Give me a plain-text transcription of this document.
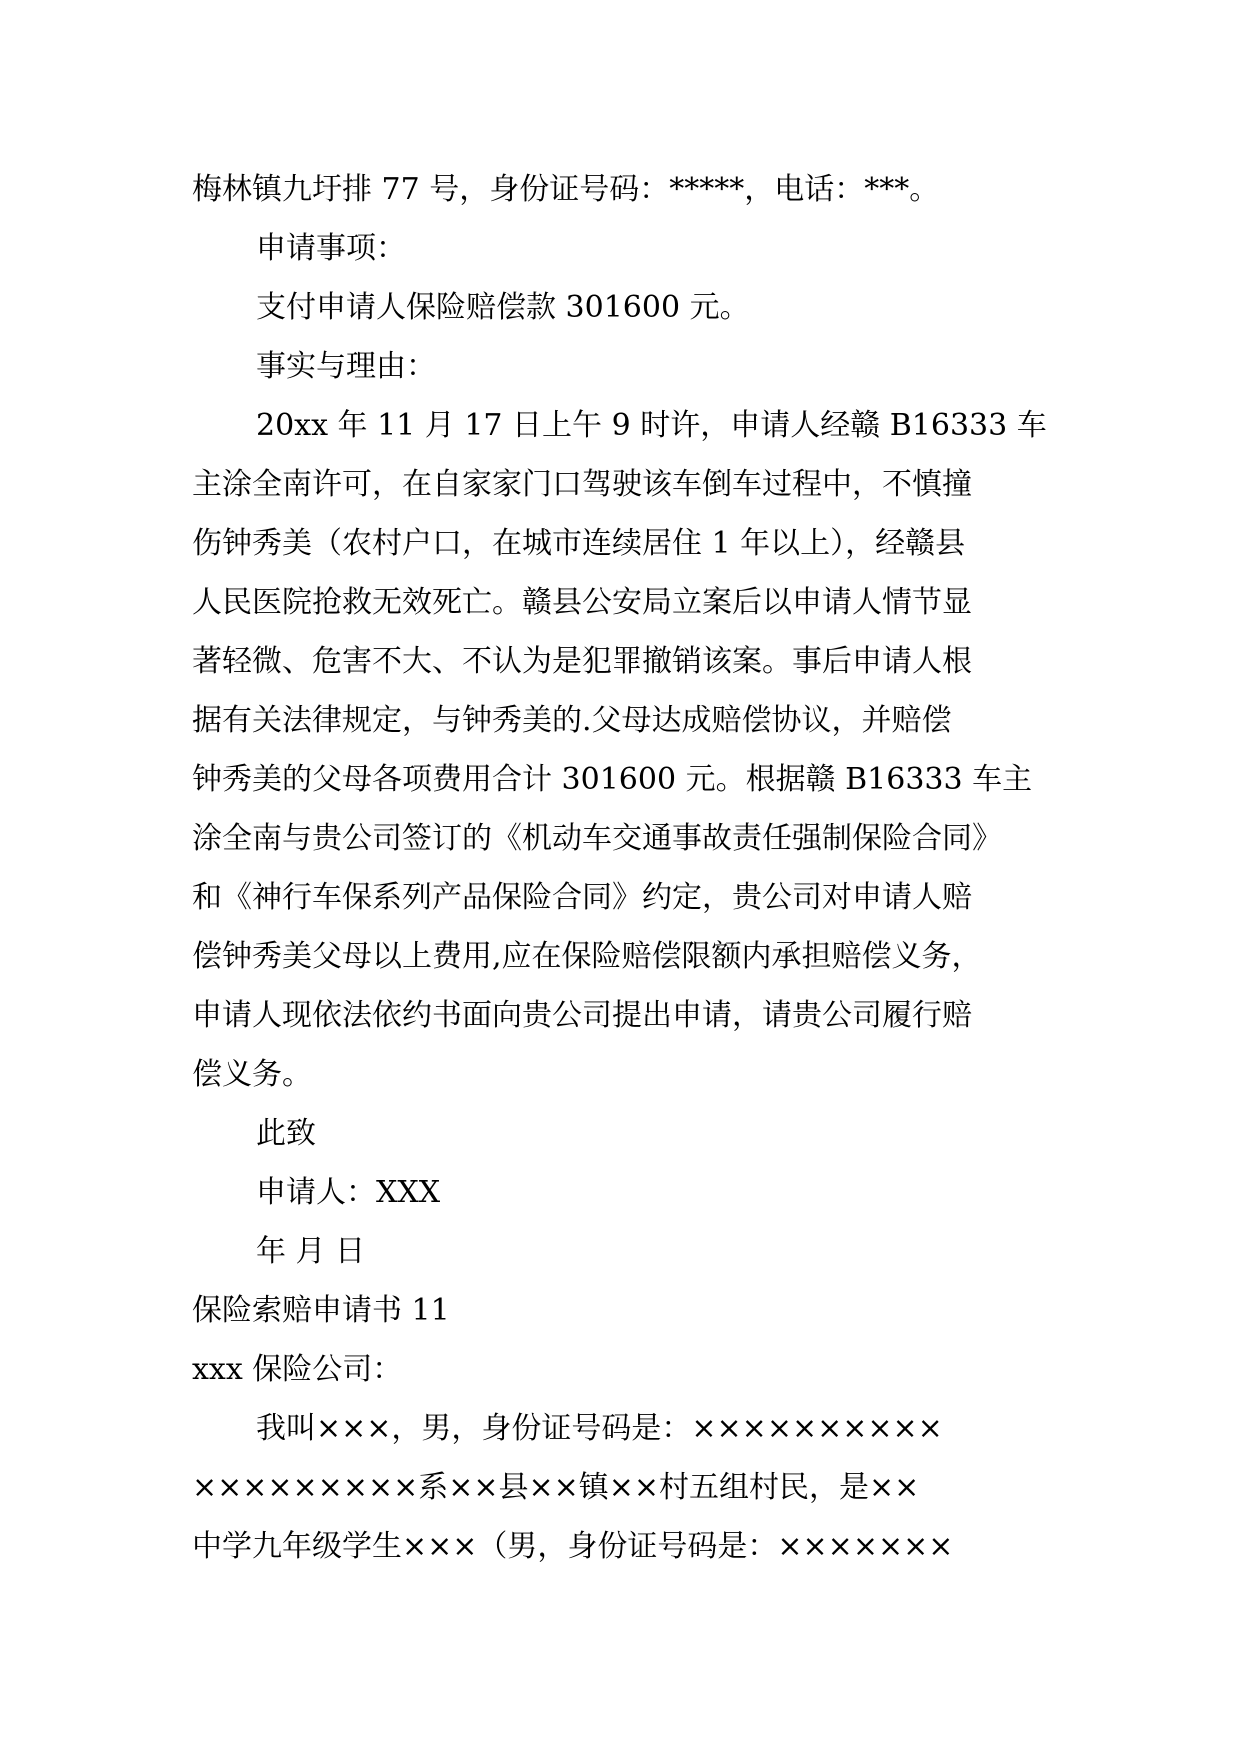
梅林镇九圩排 77 号，身份证号码：*****，电话：***。
申请事项：
支付申请人保险赔偿款 301600 元。
事实与理由：
20xx 年 11 月 17 日上午 9 时许，申请人经赣 B16333 车
主涂全南许可，在自家家门口驾驶该车倒车过程中，不慎撞
伤钟秀美（农村户口，在城市连续居住 1 年以上），经赣县
人民医院抢救无效死亡。赣县公安局立案后以申请人情节显
著轻微、危害不大、不认为是犯罪撤销该案。事后申请人根
据有关法律规定，与钟秀美的.父母达成赔偿协议，并赔偿
钟秀美的父母各项费用合计 301600 元。根据赣 B16333 车主
涂全南与贵公司签订的《机动车交通事故责任强制保险合同》
和《神行车保系列产品保险合同》约定，贵公司对申请人赔
偿钟秀美父母以上费用,应在保险赔偿限额内承担赔偿义务，
申请人现依法依约书面向贵公司提出申请，请贵公司履行赔
偿义务。
此致
申请人：XXX
年 月 日
保险索赔申请书 11
xxx 保险公司：
我叫×××，男，身份证号码是：××××××××××
×××××××××系××县××镇××村五组村民，是××
中学九年级学生×××（男，身份证号码是：×××××××
